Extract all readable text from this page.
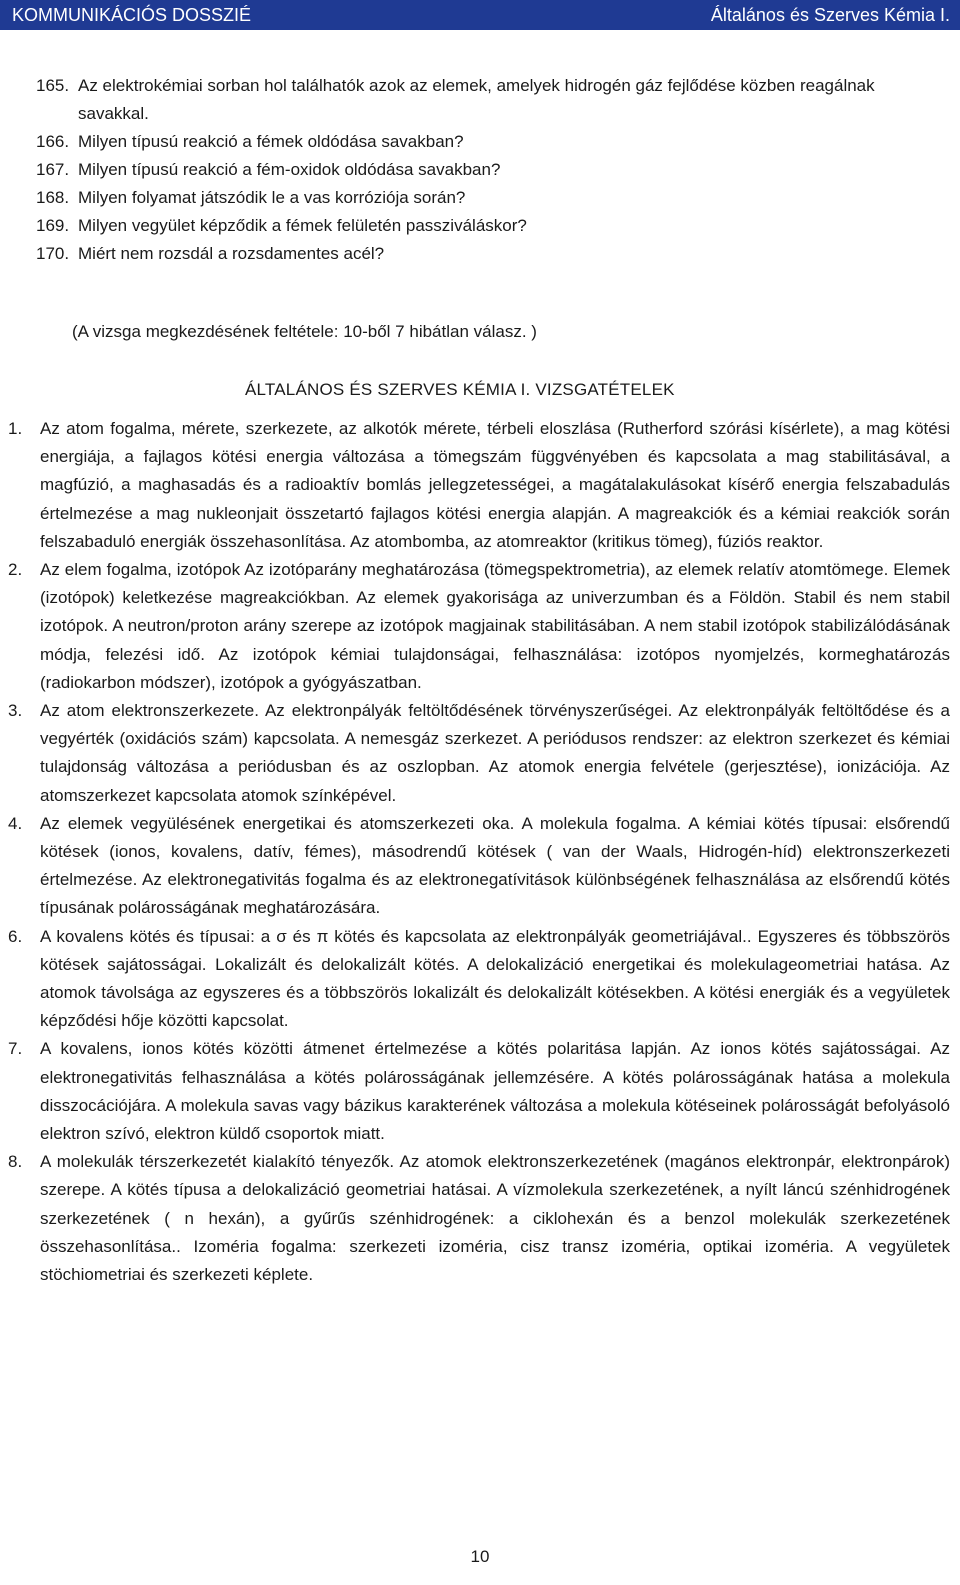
KOMMUNIKÁCIÓS DOSSZIÉ	Általános és Szerves Kémia I.
165. Az elektrokémiai sorban hol találhatók azok az elemek, amelyek hidrogén gáz fejlődése közben reagálnak savakkal.
166. Milyen típusú reakció a fémek oldódása savakban?
167. Milyen típusú reakció a fém-oxidok oldódása savakban?
168. Milyen folyamat játszódik le a vas korróziója során?
169. Milyen vegyület képződik a fémek felületén passziváláskor?
170. Miért nem rozsdál a rozsdamentes acél?
(A vizsga megkezdésének feltétele: 10-ből 7 hibátlan válasz. )
ÁLTALÁNOS ÉS SZERVES KÉMIA I. VIZSGATÉTELEK
1.	Az atom fogalma, mérete, szerkezete, az alkotók mérete, térbeli eloszlása (Rutherford szórási kísérlete), a mag kötési energiája, a fajlagos kötési energia változása a tömegszám függvényében és kapcsolata a mag stabilitásával, a magfúzió, a maghasadás és a radioaktív bomlás jellegzetességei, a magátalakulásokat kísérő energia felszabadulás értelmezése a mag nukleonjait összetartó fajlagos kötési energia alapján. A magreakciók és a kémiai reakciók során felszabaduló energiák összehasonlítása. Az atombomba, az atomreaktor (kritikus tömeg), fúziós reaktor.
2.	Az elem fogalma, izotópok Az izotóparány meghatározása (tömegspektrometria), az elemek relatív atomtömege. Elemek (izotópok) keletkezése magreakciókban. Az elemek gyakorisága az univerzumban és a Földön. Stabil és nem stabil izotópok. A neutron/proton arány szerepe az izotópok magjainak stabilitásában. A nem stabil izotópok stabilizálódásának módja, felezési idő. Az izotópok kémiai tulajdonságai, felhasználása: izotópos nyomjelzés, kormeghatározás (radiokarbon módszer), izotópok a gyógyászatban.
3.	Az atom elektronszerkezete. Az elektronpályák feltöltődésének törvényszerűségei. Az elektronpályák feltöltődése és a vegyérték (oxidációs szám) kapcsolata. A nemesgáz szerkezet. A periódusos rendszer: az elektron szerkezet és kémiai tulajdonság változása a periódusban és az oszlopban. Az atomok energia felvétele (gerjesztése), ionizációja. Az atomszerkezet kapcsolata atomok színképével.
4.	Az elemek vegyülésének energetikai és atomszerkezeti oka. A molekula fogalma. A kémiai kötés típusai: elsőrendű kötések (ionos, kovalens, datív, fémes), másodrendű kötések ( van der Waals, Hidrogén-híd) elektronszerkezeti értelmezése. Az elektronegativitás fogalma és az elektronegatívitások különbségének felhasználása az elsőrendű kötés típusának polárosságának meghatározására.
6.	A kovalens kötés és típusai: a σ és π kötés és kapcsolata az elektronpályák geometriájával.. Egyszeres és többszörös kötések sajátosságai. Lokalizált és delokalizált kötés. A delokalizáció energetikai és molekulageometriai hatása. Az atomok távolsága az egyszeres és a többszörös lokalizált és delokalizált kötésekben. A kötési energiák és a vegyületek képződési hője közötti kapcsolat.
7.	A kovalens, ionos kötés közötti átmenet értelmezése a kötés polaritása lapján. Az ionos kötés sajátosságai. Az elektronegativitás felhasználása a kötés polárosságának jellemzésére. A kötés polárosságának hatása a molekula disszocációjára. A molekula savas vagy bázikus karakterének változása a molekula kötéseinek polárosságát befolyásoló elektron szívó, elektron küldő csoportok miatt.
8.	A molekulák térszerkezetét kialakító tényezők. Az atomok elektronszerkezetének (magános elektronpár, elektronpárok) szerepe. A kötés típusa a delokalizáció geometriai hatásai. A vízmolekula szerkezetének, a nyílt láncú szénhidrogének szerkezetének ( n hexán), a gyűrűs szénhidrogének: a ciklohexán és a benzol molekulák szerkezetének összehasonlítása.. Izoméria fogalma: szerkezeti izoméria, cisz transz izoméria, optikai izoméria. A vegyületek stöchiometriai és szerkezeti képlete.
10
